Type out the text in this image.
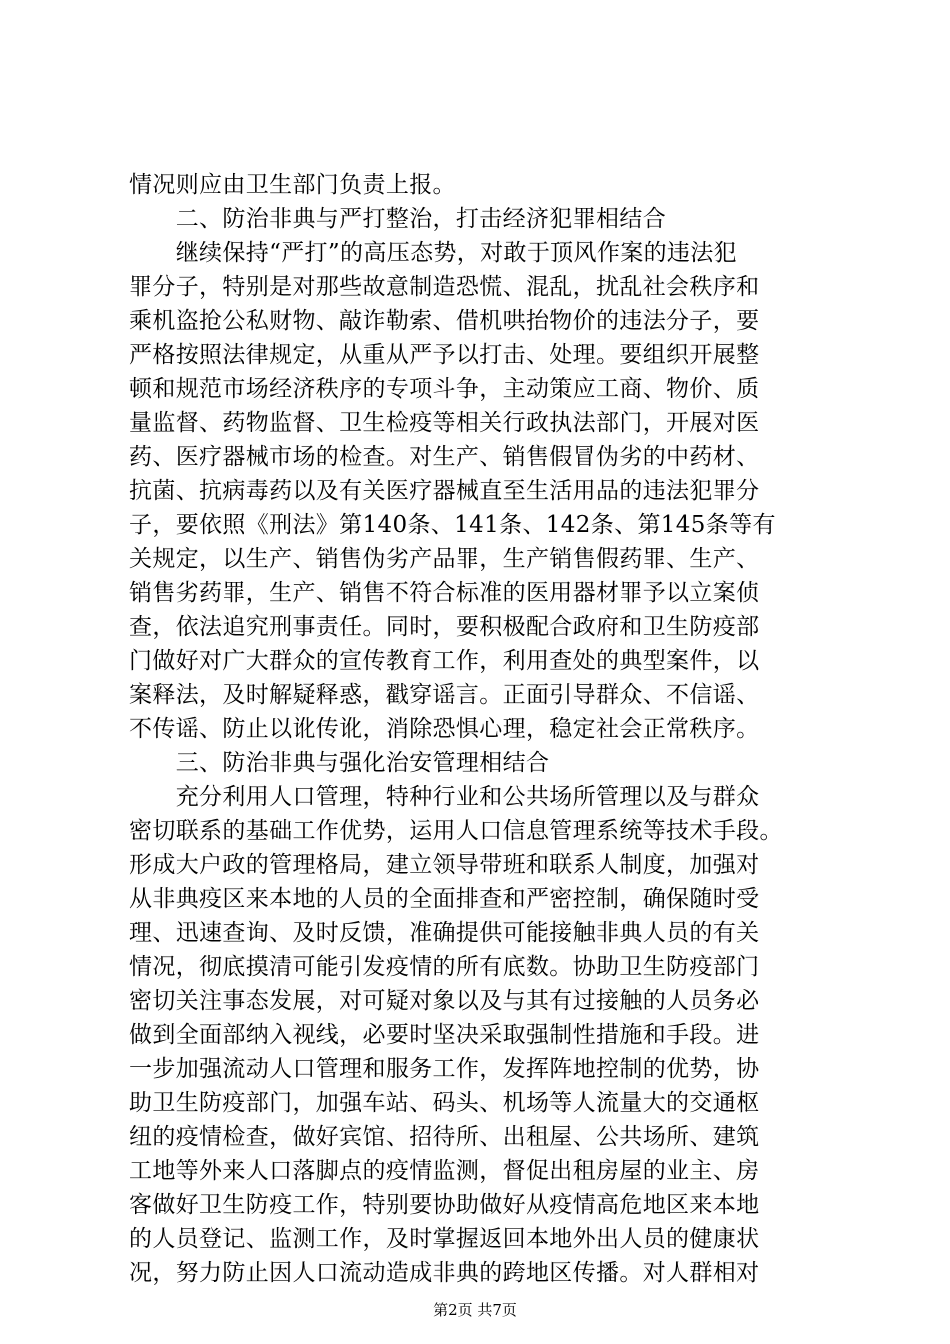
情况则应由卫生部门负责上报。
　　二、防治非典与严打整治，打击经济犯罪相结合
　　继续保持“严打”的高压态势，对敢于顶风作案的违法犯
罪分子，特别是对那些故意制造恐慌、混乱，扰乱社会秩序和
乘机盗抢公私财物、敲诈勒索、借机哄抬物价的违法分子，要
严格按照法律规定，从重从严予以打击、处理。要组织开展整
顿和规范市场经济秩序的专项斗争，主动策应工商、物价、质
量监督、药物监督、卫生检疫等相关行政执法部门，开展对医
药、医疗器械市场的检查。对生产、销售假冒伪劣的中药材、
抗菌、抗病毒药以及有关医疗器械直至生活用品的违法犯罪分
子，要依照《刑法》第140条、141条、142条、第145条等有
关规定，以生产、销售伪劣产品罪，生产销售假药罪、生产、
销售劣药罪，生产、销售不符合标准的医用器材罪予以立案侦
查，依法追究刑事责任。同时，要积极配合政府和卫生防疫部
门做好对广大群众的宣传教育工作，利用查处的典型案件，以
案释法，及时解疑释惑，戳穿谣言。正面引导群众、不信谣、
不传谣、防止以讹传讹，消除恐惧心理，稳定社会正常秩序。
　　三、防治非典与强化治安管理相结合
　　充分利用人口管理，特种行业和公共场所管理以及与群众
密切联系的基础工作优势，运用人口信息管理系统等技术手段。
形成大户政的管理格局，建立领导带班和联系人制度，加强对
从非典疫区来本地的人员的全面排查和严密控制，确保随时受
理、迅速查询、及时反馈，准确提供可能接触非典人员的有关
情况，彻底摸清可能引发疫情的所有底数。协助卫生防疫部门
密切关注事态发展，对可疑对象以及与其有过接触的人员务必
做到全面部纳入视线，必要时坚决采取强制性措施和手段。进
一步加强流动人口管理和服务工作，发挥阵地控制的优势，协
助卫生防疫部门，加强车站、码头、机场等人流量大的交通枢
纽的疫情检查，做好宾馆、招待所、出租屋、公共场所、建筑
工地等外来人口落脚点的疫情监测，督促出租房屋的业主、房
客做好卫生防疫工作，特别要协助做好从疫情高危地区来本地
的人员登记、监测工作，及时掌握返回本地外出人员的健康状
况，努力防止因人口流动造成非典的跨地区传播。对人群相对
第2页 共7页
